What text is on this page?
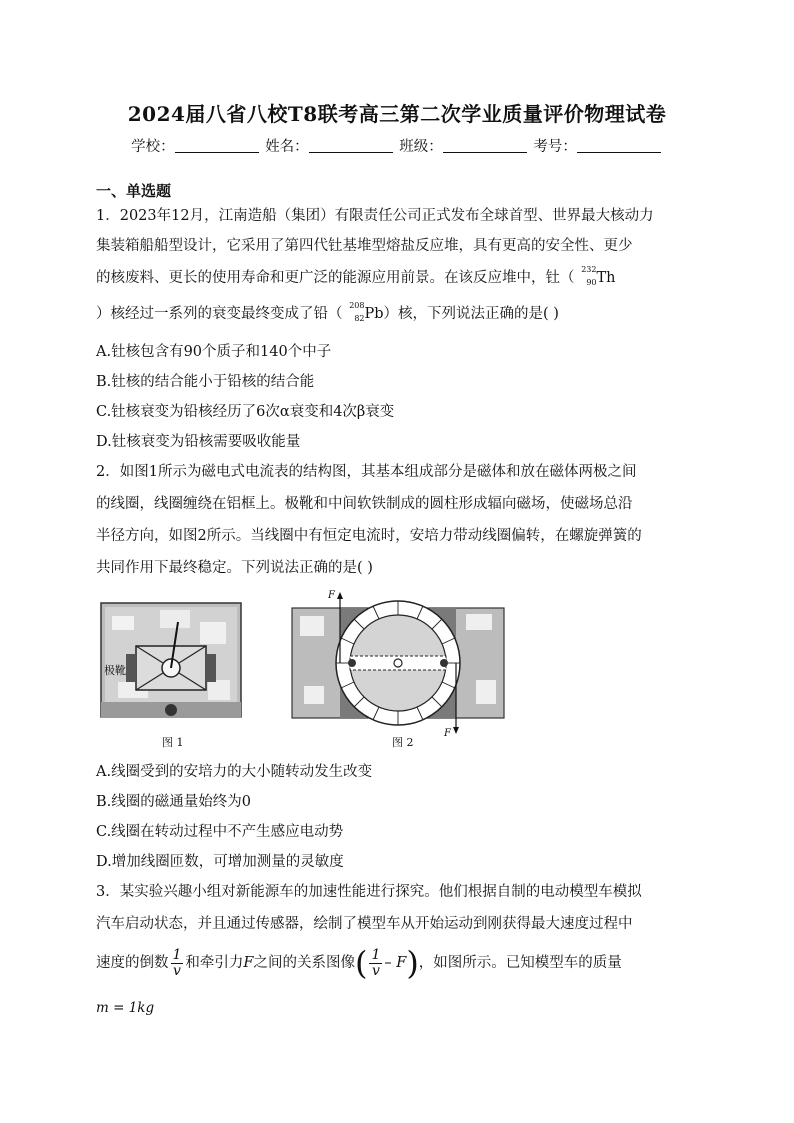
2024届八省八校T8联考高三第二次学业质量评价物理试卷
学校：	姓名：	班级：	考号：
一、单选题
1．2023年12月，江南造船（集团）有限责任公司正式发布全球首型、世界最大核动力
集装箱船船型设计，它采用了第四代钍基堆型熔盐反应堆，具有更高的安全性、更少
的核废料、更长的使用寿命和更广泛的能源应用前景。在该反应堆中，钍（
232
90 Th
）核经过一系列的衰变最终变成了铅（
208
82 Pb）核，下列说法正确的是( )
A.钍核包含有90个质子和140个中子
B.钍核的结合能小于铅核的结合能
C.钍核衰变为铅核经历了6次α衰变和4次β衰变
D.钍核衰变为铅核需要吸收能量
2．如图1所示为磁电式电流表的结构图，其基本组成部分是磁体和放在磁体两极之间
的线圈，线圈缠绕在铝框上。极靴和中间软铁制成的圆柱形成辐向磁场，使磁场总沿
半径方向，如图2所示。当线圈中有恒定电流时，安培力带动线圈偏转，在螺旋弹簧的
共同作用下最终稳定。下列说法正确的是( )
极靴
图 1
F
F
图 2
A.线圈受到的安培力的大小随转动发生改变
B.线圈的磁通量始终为0
C.线圈在转动过程中不产生感应电动势
D.增加线圈匝数，可增加测量的灵敏度
3．某实验兴趣小组对新能源车的加速性能进行探究。他们根据自制的电动模型车模拟
汽车启动状态，并且通过传感器，绘制了模型车从开始运动到刚获得最大速度过程中
速度的倒数 $\frac{1}{v}$ 和牵引力F之间的关系图像( $\frac{1}{v} - F$)，如图所示。已知模型车的质量
m = 1kg
